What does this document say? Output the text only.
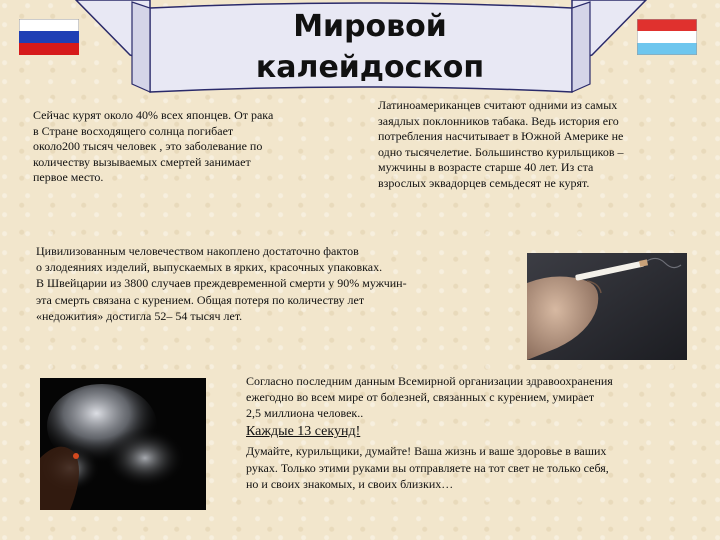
Мировой
калейдоскоп
Сейчас курят около 40% всех японцев. От рака
в Стране восходящего солнца погибает
около200 тысяч человек , это заболевание по
количеству вызываемых смертей занимает
первое место.
Латиноамериканцев считают одними из самых
заядлых поклонников табака. Ведь история его
потребления насчитывает в Южной Америке не
одно тысячелетие. Большинство курильщиков –
мужчины в возрасте старше 40 лет. Из ста
взрослых эквадорцев семьдесят не курят.
Цивилизованным человечеством накоплено достаточно фактов
о злодеяниях изделий, выпускаемых в ярких, красочных упаковках.
В Швейцарии из 3800 случаев преждевременной смерти у 90% мужчин-
эта смерть связана с курением. Общая потеря по количеству лет
«недожития» достигла 52– 54 тысяч лет.
Согласно последним данным Всемирной организации здравоохранения
ежегодно во всем мире от болезней, связанных с курением, умирает
2,5 миллиона человек..
Каждые 13 секунд!
Думайте, курильщики, думайте! Ваша жизнь и ваше здоровье в ваших
руках. Только этими руками вы отправляете на тот свет не только себя,
но и своих знакомых, и своих близких…
